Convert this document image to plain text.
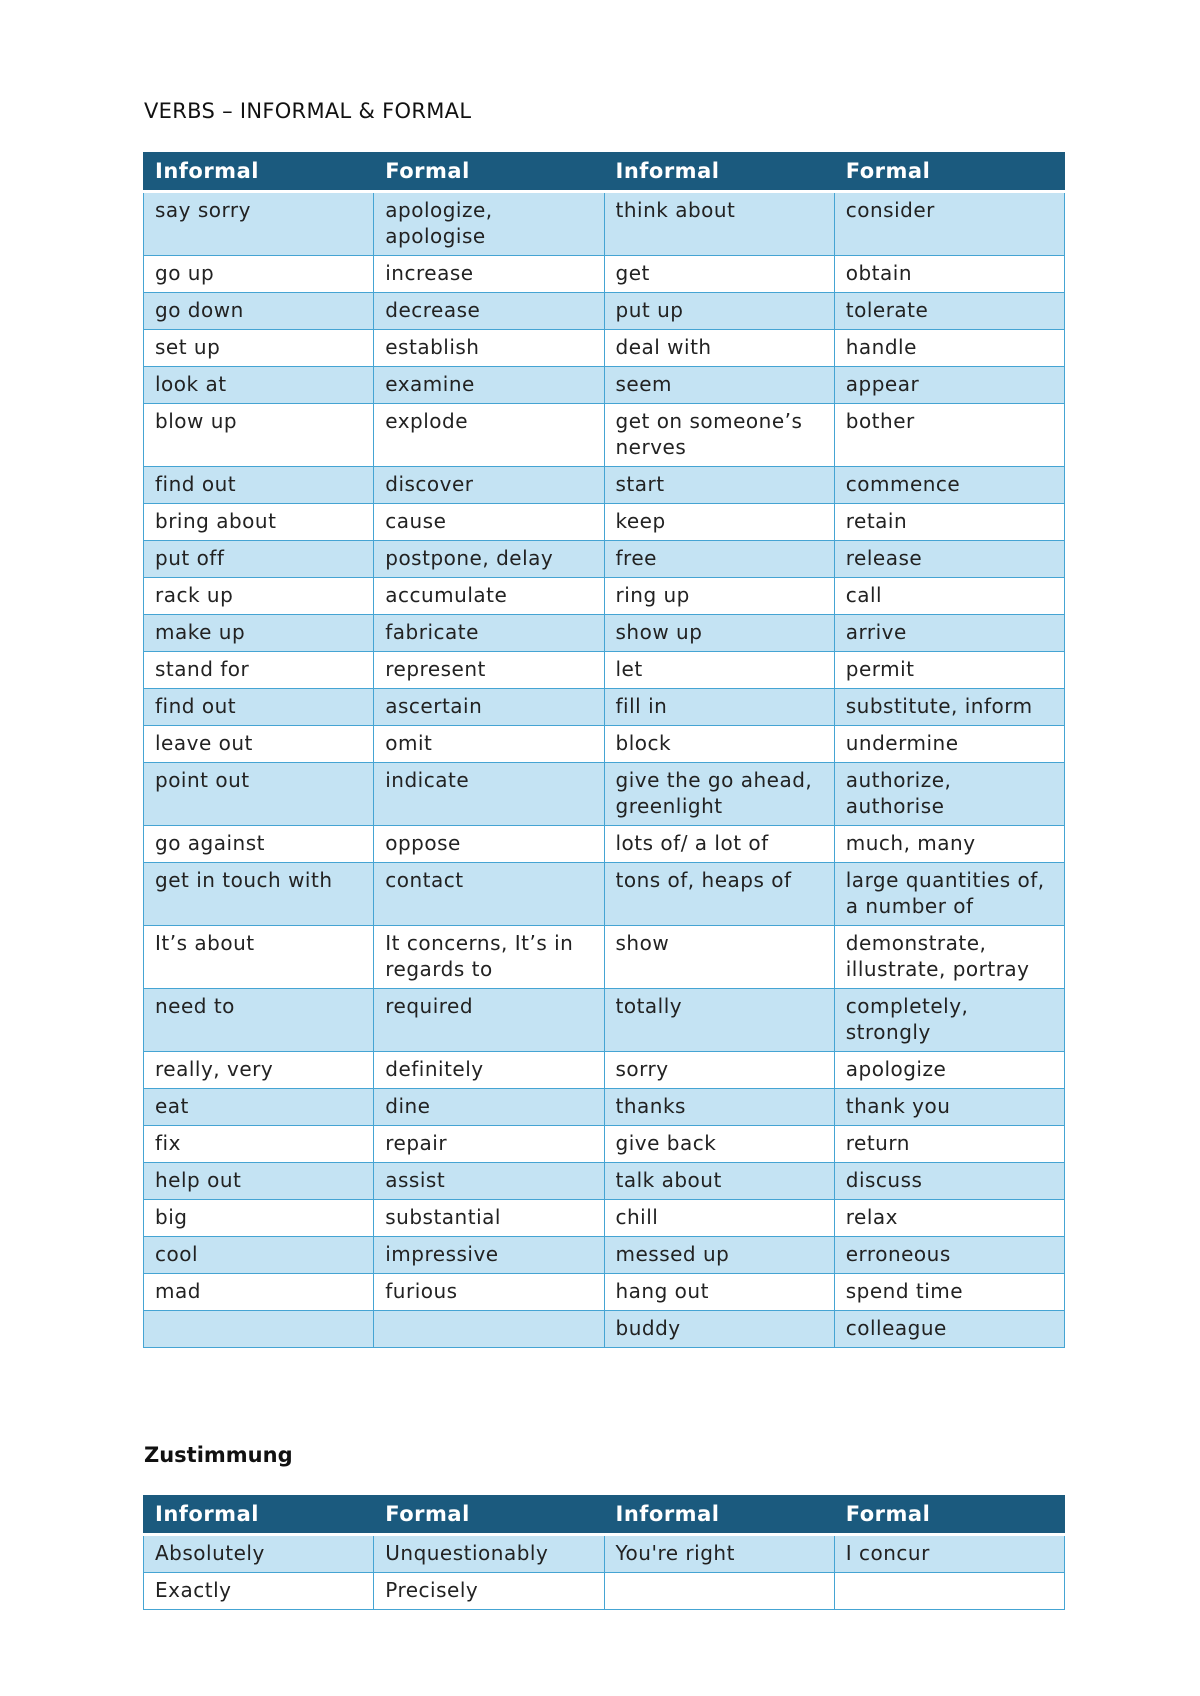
VERBS – INFORMAL & FORMAL
Informal	Formal	Informal	Formal
say sorry	apologize, apologise	think about	consider
go up	increase	get	obtain
go down	decrease	put up	tolerate
set up	establish	deal with	handle
look at	examine	seem	appear
blow up	explode	get on someone’s nerves	bother
find out	discover	start	commence
bring about	cause	keep	retain
put off	postpone, delay	free	release
rack up	accumulate	ring up	call
make up	fabricate	show up	arrive
stand for	represent	let	permit
find out	ascertain	fill in	substitute, inform
leave out	omit	block	undermine
point out	indicate	give the go ahead, greenlight	authorize, authorise
go against	oppose	lots of/ a lot of	much, many
get in touch with	contact	tons of, heaps of	large quantities of, a number of
It’s about	It concerns, It’s in regards to	show	demonstrate, illustrate, portray
need to	required	totally	completely, strongly
really, very	definitely	sorry	apologize
eat	dine	thanks	thank you
fix	repair	give back	return
help out	assist	talk about	discuss
big	substantial	chill	relax
cool	impressive	messed up	erroneous
mad	furious	hang out	spend time
		buddy	colleague
Zustimmung
Informal	Formal	Informal	Formal
Absolutely	Unquestionably	You're right	I concur
Exactly	Precisely		
